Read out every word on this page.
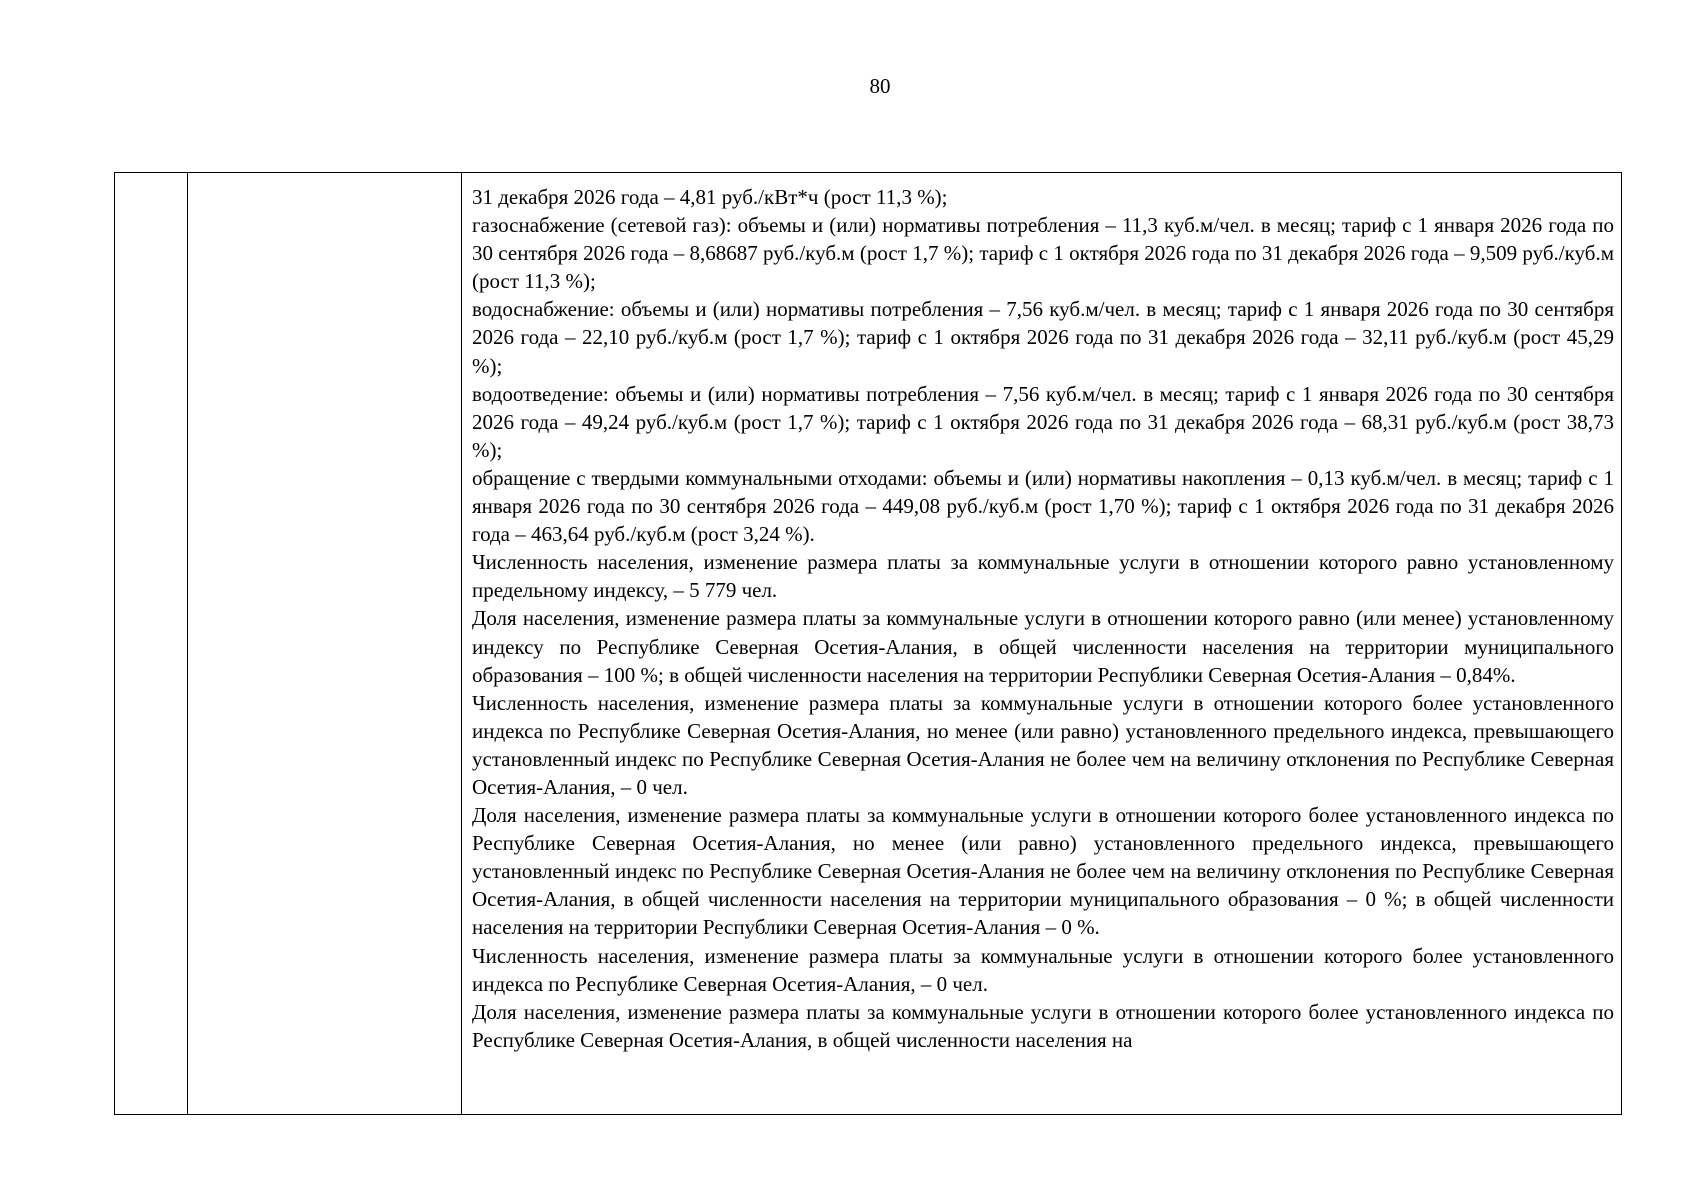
80

31 декабря 2026 года – 4,81 руб./кВт*ч (рост 11,3 %);

газоснабжение (сетевой газ): объемы и (или) нормативы потребления – 11,3 куб.м/чел. в месяц; тариф с 1 января 2026 года по 30 сентября 2026 года – 8,68687 руб./куб.м (рост 1,7 %); тариф с 1 октября 2026 года по 31 декабря 2026 года – 9,509 руб./куб.м (рост 11,3 %);

водоснабжение: объемы и (или) нормативы потребления – 7,56 куб.м/чел. в месяц; тариф с 1 января 2026 года по 30 сентября 2026 года – 22,10 руб./куб.м (рост 1,7 %); тариф с 1 октября 2026 года по 31 декабря 2026 года – 32,11 руб./куб.м (рост 45,29 %);

водоотведение: объемы и (или) нормативы потребления – 7,56 куб.м/чел. в месяц; тариф с 1 января 2026 года по 30 сентября 2026 года – 49,24 руб./куб.м (рост 1,7 %); тариф с 1 октября 2026 года по 31 декабря 2026 года – 68,31 руб./куб.м (рост 38,73 %);

обращение с твердыми коммунальными отходами: объемы и (или) нормативы накопления – 0,13 куб.м/чел. в месяц; тариф с 1 января 2026 года по 30 сентября 2026 года – 449,08 руб./куб.м (рост 1,70 %); тариф с 1 октября 2026 года по 31 декабря 2026 года – 463,64 руб./куб.м (рост 3,24 %).

Численность населения, изменение размера платы за коммунальные услуги в отношении которого равно установленному предельному индексу, – 5 779 чел.

Доля населения, изменение размера платы за коммунальные услуги в отношении которого равно (или менее) установленному индексу по Республике Северная Осетия-Алания, в общей численности населения на территории муниципального образования – 100 %; в общей численности населения на территории Республики Северная Осетия-Алания – 0,84%.

Численность населения, изменение размера платы за коммунальные услуги в отношении которого более установленного индекса по Республике Северная Осетия-Алания, но менее (или равно) установленного предельного индекса, превышающего установленный индекс по Республике Северная Осетия-Алания не более чем на величину отклонения по Республике Северная Осетия-Алания, – 0 чел.

Доля населения, изменение размера платы за коммунальные услуги в отношении которого более установленного индекса по Республике Северная Осетия-Алания, но менее (или равно) установленного предельного индекса, превышающего установленный индекс по Республике Северная Осетия-Алания не более чем на величину отклонения по Республике Северная Осетия-Алания, в общей численности населения на территории муниципального образования – 0 %; в общей численности населения на территории Республики Северная Осетия-Алания – 0 %.

Численность населения, изменение размера платы за коммунальные услуги в отношении которого более установленного индекса по Республике Северная Осетия-Алания, – 0 чел.

Доля населения, изменение размера платы за коммунальные услуги в отношении которого более установленного индекса по Республике Северная Осетия-Алания, в общей численности населения на
